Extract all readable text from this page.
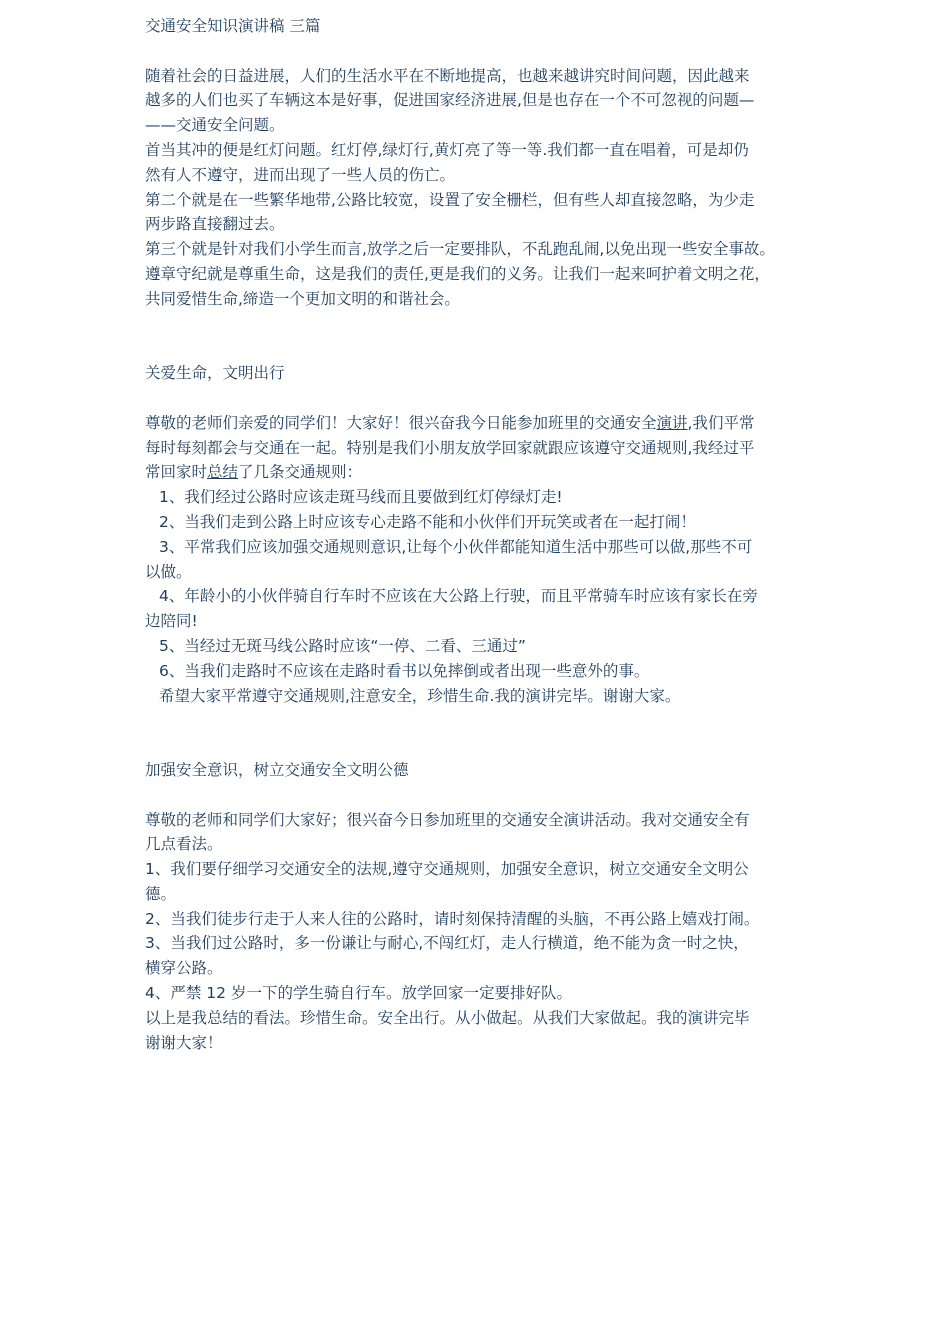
交通安全知识演讲稿 三篇
随着社会的日益进展，人们的生活水平在不断地提高，也越来越讲究时间问题，因此越来
越多的人们也买了车辆这本是好事，促进国家经济进展,但是也存在一个不可忽视的问题—
——交通安全问题。
首当其冲的便是红灯问题。红灯停,绿灯行,黄灯亮了等一等.我们都一直在唱着，可是却仍
然有人不遵守，进而出现了一些人员的伤亡。
第二个就是在一些繁华地带,公路比较宽，设置了安全栅栏，但有些人却直接忽略，为少走
两步路直接翻过去。
第三个就是针对我们小学生而言,放学之后一定要排队，不乱跑乱闹,以免出现一些安全事故。
遵章守纪就是尊重生命，这是我们的责任,更是我们的义务。让我们一起来呵护着文明之花，
共同爱惜生命,缔造一个更加文明的和谐社会。
关爱生命，文明出行
尊敬的老师们亲爱的同学们！大家好！很兴奋我今日能参加班里的交通安全演讲,我们平常
每时每刻都会与交通在一起。特别是我们小朋友放学回家就跟应该遵守交通规则,我经过平
常回家时总结了几条交通规则：
1、我们经过公路时应该走斑马线而且要做到红灯停绿灯走!
2、当我们走到公路上时应该专心走路不能和小伙伴们开玩笑或者在一起打闹！
3、平常我们应该加强交通规则意识,让每个小伙伴都能知道生活中那些可以做,那些不可
以做。
4、年龄小的小伙伴骑自行车时不应该在大公路上行驶，而且平常骑车时应该有家长在旁
边陪同!
5、当经过无斑马线公路时应该“一停、二看、三通过”
6、当我们走路时不应该在走路时看书以免摔倒或者出现一些意外的事。
希望大家平常遵守交通规则,注意安全，珍惜生命.我的演讲完毕。谢谢大家。
加强安全意识，树立交通安全文明公德
尊敬的老师和同学们大家好；很兴奋今日参加班里的交通安全演讲活动。我对交通安全有
几点看法。
1、我们要仔细学习交通安全的法规,遵守交通规则，加强安全意识，树立交通安全文明公
德。
2、当我们徒步行走于人来人往的公路时，请时刻保持清醒的头脑，不再公路上嬉戏打闹。
3、当我们过公路时，多一份谦让与耐心,不闯红灯，走人行横道，绝不能为贪一时之快，
横穿公路。
4、严禁 12 岁一下的学生骑自行车。放学回家一定要排好队。
以上是我总结的看法。珍惜生命。安全出行。从小做起。从我们大家做起。我的演讲完毕
谢谢大家！
